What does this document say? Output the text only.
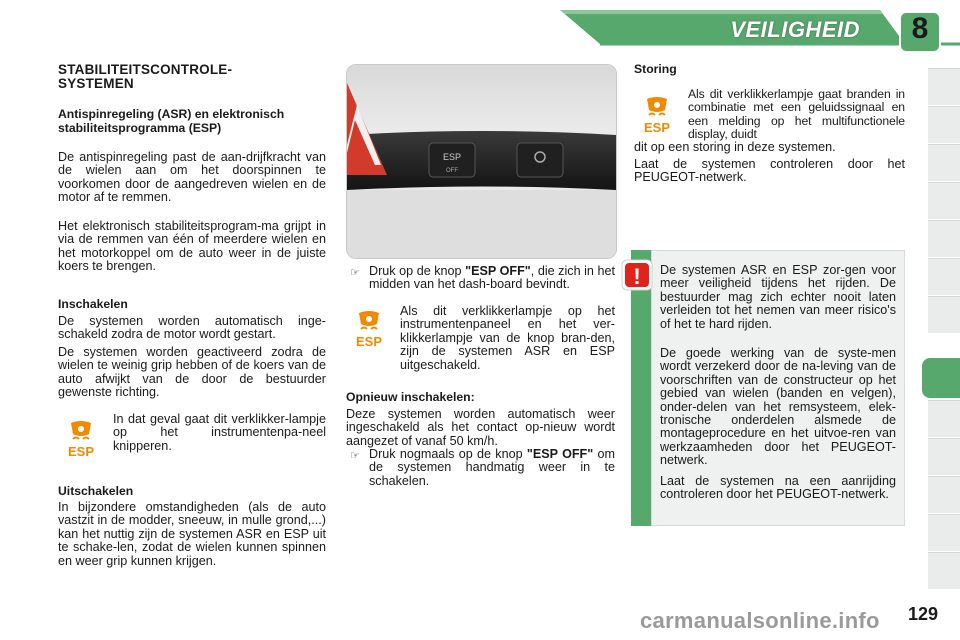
VEILIGHEID	8
STABILITEITSCONTROLE-SYSTEMEN
Antispinregeling (ASR) en elektronisch stabiliteitsprogramma (ESP)
De antispinregeling past de aan-drijfkracht van de wielen aan om het doorspinnen te voorkomen door de aangedreven wielen en de motor af te remmen.
Het elektronisch stabiliteitsprogram-ma grijpt in via de remmen van één of meerdere wielen en het motorkoppel om de auto weer in de juiste koers te brengen.
Inschakelen
De systemen worden automatisch inge-schakeld zodra de motor wordt gestart.
De systemen worden geactiveerd zodra de wielen te weinig grip hebben of de koers van de auto afwijkt van de door de bestuurder gewenste richting.
ESP
In dat geval gaat dit verklikker-lampje op het instrumentenpa-neel knipperen.
Uitschakelen
In bijzondere omstandigheden (als de auto vastzit in de modder, sneeuw, in mulle grond,...) kan het nuttig zijn de systemen ASR en ESP uit te schake-len, zodat de wielen kunnen spinnen en weer grip kunnen krijgen.
ESP
OFF
☞ Druk op de knop "ESP OFF", die zich in het midden van het dash-board bevindt.
ESP
Als dit verklikkerlampje op het instrumentenpaneel en het ver-klikkerlampje van de knop bran-den, zijn de systemen ASR en ESP uitgeschakeld.
Opnieuw inschakelen:
Deze systemen worden automatisch weer ingeschakeld als het contact op-nieuw wordt aangezet of vanaf 50 km/h.
☞ Druk nogmaals op de knop "ESP OFF" om de systemen handmatig weer in te schakelen.
Storing
ESP
Als dit verklikkerlampje gaat branden in combinatie met een geluidssignaal en een melding op het multifunctionele display, duidt
dit op een storing in deze systemen.
Laat de systemen controleren door het PEUGEOT-netwerk.
! De systemen ASR en ESP zor-gen voor meer veiligheid tijdens het rijden. De bestuurder mag zich echter nooit laten verleiden tot het nemen van meer risico's of het te hard rijden.
De goede werking van de syste-men wordt verzekerd door de na-leving van de voorschriften van de constructeur op het gebied van wielen (banden en velgen), onder-delen van het remsysteem, elek-tronische onderdelen alsmede de montageprocedure en het uitvoe-ren van werkzaamheden door het PEUGEOT-netwerk.
Laat de systemen na een aanrijding controleren door het PEUGEOT-netwerk.
carmanualsonline.info 129
